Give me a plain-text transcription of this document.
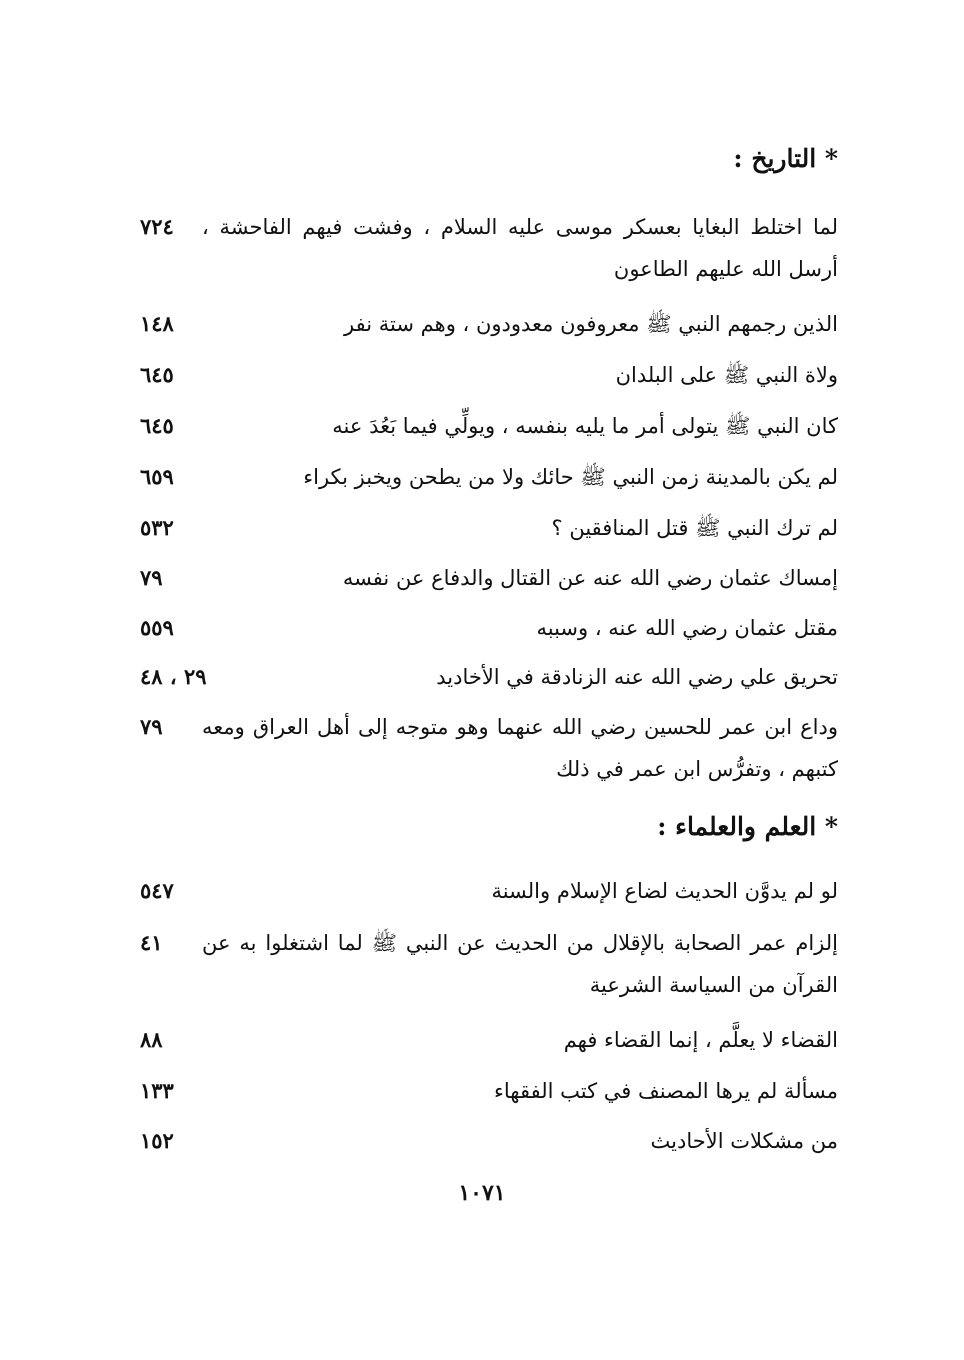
* التاريخ :
لما اختلط البغايا بعسكر موسى عليه السلام ، وفشت فيهم الفاحشة ، أرسل الله عليهم الطاعون
٧٢٤
الذين رجمهم النبي ﷺ معروفون معدودون ، وهم ستة نفر
١٤٨
ولاة النبي ﷺ على البلدان
٦٤٥
كان النبي ﷺ يتولى أمر ما يليه بنفسه ، ويولِّي فيما بَعُدَ عنه
٦٤٥
لم يكن بالمدينة زمن النبي ﷺ حائك ولا من يطحن ويخبز بكراء
٦٥٩
لم ترك النبي ﷺ قتل المنافقين ؟
٥٣٢
إمساك عثمان رضي الله عنه عن القتال والدفاع عن نفسه
٧٩
مقتل عثمان رضي الله عنه ، وسببه
٥٥٩
تحريق علي رضي الله عنه الزنادقة في الأخاديد
٢٩ ، ٤٨
وداع ابن عمر للحسين رضي الله عنهما وهو متوجه إلى أهل العراق ومعه كتبهم ، وتفرُّس ابن عمر في ذلك
٧٩
* العلم والعلماء :
لو لم يدوَّن الحديث لضاع الإسلام والسنة
٥٤٧
إلزام عمر الصحابة بالإقلال من الحديث عن النبي ﷺ لما اشتغلوا به عن القرآن من السياسة الشرعية
٤١
القضاء لا يعلَّم ، إنما القضاء فهم
٨٨
مسألة لم يرها المصنف في كتب الفقهاء
١٣٣
من مشكلات الأحاديث
١٥٢
١٠٧١
